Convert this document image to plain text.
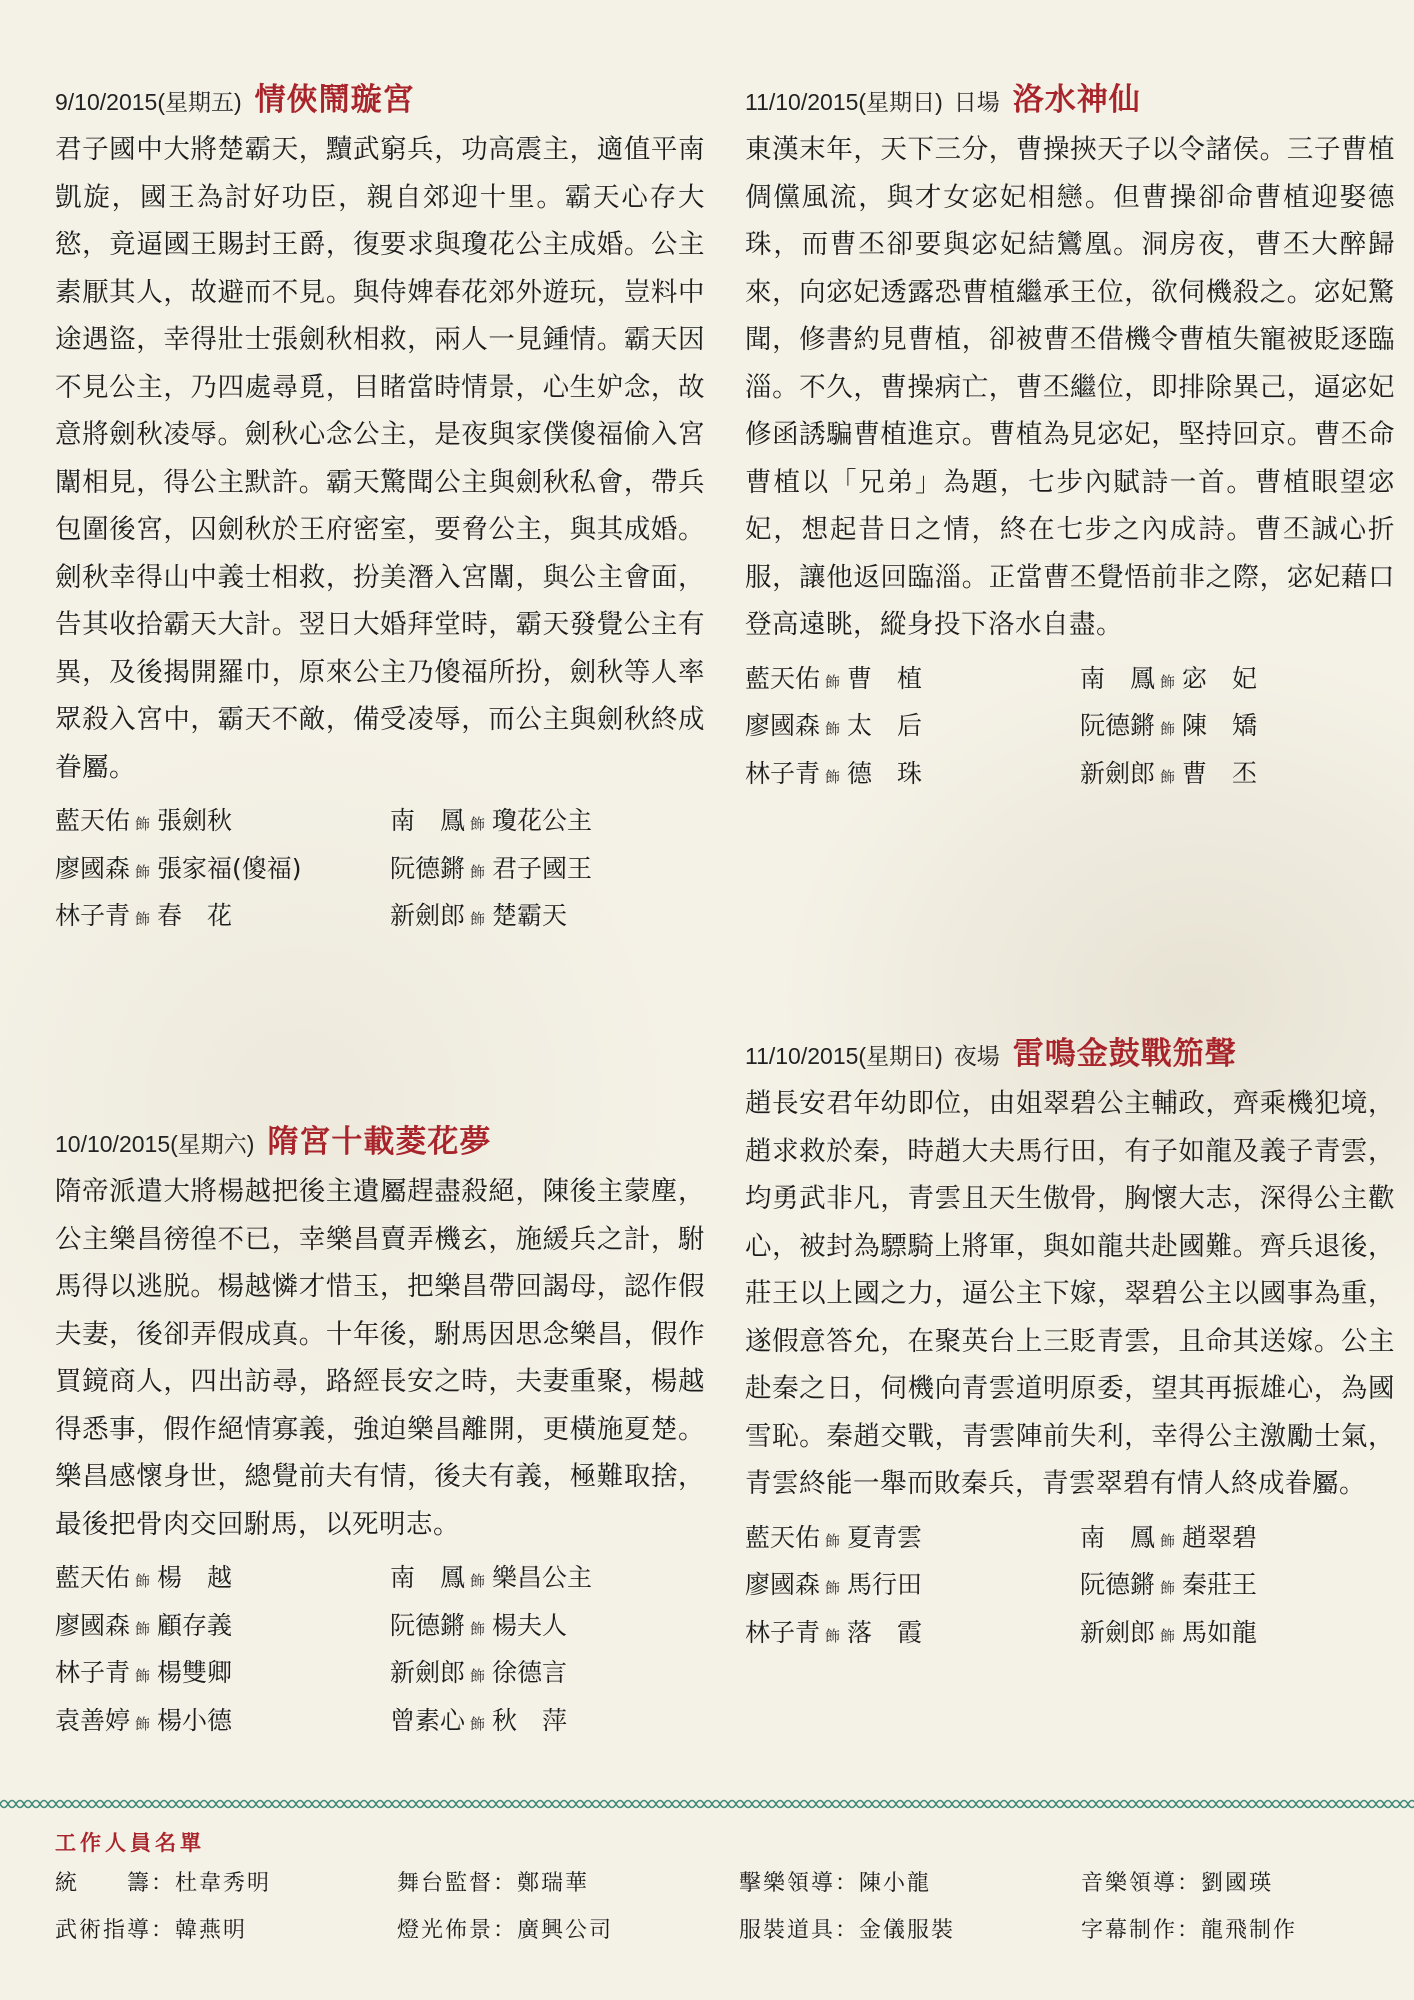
9/10/2015(星期五) 情俠鬧璇宮

君子國中大將楚霸天，黷武窮兵，功高震主，適值平南凱旋，國王為討好功臣，親自郊迎十里。霸天心存大慾，竟逼國王賜封王爵，復要求與瓊花公主成婚。公主素厭其人，故避而不見。與侍婢春花郊外遊玩，豈料中途遇盜，幸得壯士張劍秋相救，兩人一見鍾情。霸天因不見公主，乃四處尋覓，目睹當時情景，心生妒念，故意將劍秋凌辱。劍秋心念公主，是夜與家僕傻福偷入宮闈相見，得公主默許。霸天驚聞公主與劍秋私會，帶兵包圍後宮，囚劍秋於王府密室，要脅公主，與其成婚。劍秋幸得山中義士相救，扮美潛入宮闈，與公主會面，告其收拾霸天大計。翌日大婚拜堂時，霸天發覺公主有異，及後揭開羅巾，原來公主乃傻福所扮，劍秋等人率眾殺入宮中，霸天不敵，備受凌辱，而公主與劍秋終成眷屬。

藍天佑 飾 張劍秋	南　鳳 飾 瓊花公主
廖國森 飾 張家福(傻福)	阮德鏘 飾 君子國王
林子青 飾 春　花	新劍郎 飾 楚霸天
11/10/2015(星期日) 日場 洛水神仙

東漢末年，天下三分，曹操挾天子以令諸侯。三子曹植倜儻風流，與才女宓妃相戀。但曹操卻命曹植迎娶德珠，而曹丕卻要與宓妃結鸞凰。洞房夜，曹丕大醉歸來，向宓妃透露恐曹植繼承王位，欲伺機殺之。宓妃驚聞，修書約見曹植，卻被曹丕借機令曹植失寵被貶逐臨淄。不久，曹操病亡，曹丕繼位，即排除異己，逼宓妃修函誘騙曹植進京。曹植為見宓妃，堅持回京。曹丕命曹植以「兄弟」為題，七步內賦詩一首。曹植眼望宓妃，想起昔日之情，終在七步之內成詩。曹丕誠心折服，讓他返回臨淄。正當曹丕覺悟前非之際，宓妃藉口登高遠眺，縱身投下洛水自盡。

藍天佑 飾 曹　植	南　鳳 飾 宓　妃
廖國森 飾 太　后	阮德鏘 飾 陳　矯
林子青 飾 德　珠	新劍郎 飾 曹　丕
10/10/2015(星期六) 隋宮十載菱花夢

隋帝派遣大將楊越把後主遺屬趕盡殺絕，陳後主蒙塵，公主樂昌徬徨不已，幸樂昌賣弄機玄，施緩兵之計，駙馬得以逃脱。楊越憐才惜玉，把樂昌帶回謁母，認作假夫妻，後卻弄假成真。十年後，駙馬因思念樂昌，假作買鏡商人，四出訪尋，路經長安之時，夫妻重聚，楊越得悉事，假作絕情寡義，強迫樂昌離開，更橫施夏楚。樂昌感懷身世，總覺前夫有情，後夫有義，極難取捨，最後把骨肉交回駙馬，以死明志。

藍天佑 飾 楊　越	南　鳳 飾 樂昌公主
廖國森 飾 顧存義	阮德鏘 飾 楊夫人
林子青 飾 楊雙卿	新劍郎 飾 徐德言
袁善婷 飾 楊小德	曾素心 飾 秋　萍
11/10/2015(星期日) 夜場 雷鳴金鼓戰笳聲

趙長安君年幼即位，由姐翠碧公主輔政，齊乘機犯境，趙求救於秦，時趙大夫馬行田，有子如龍及義子青雲，均勇武非凡，青雲且天生傲骨，胸懷大志，深得公主歡心，被封為驃騎上將軍，與如龍共赴國難。齊兵退後，莊王以上國之力，逼公主下嫁，翠碧公主以國事為重，遂假意答允，在聚英台上三貶青雲，且命其送嫁。公主赴秦之日，伺機向青雲道明原委，望其再振雄心，為國雪恥。秦趙交戰，青雲陣前失利，幸得公主激勵士氣，青雲終能一舉而敗秦兵，青雲翠碧有情人終成眷屬。

藍天佑 飾 夏青雲	南　鳳 飾 趙翠碧
廖國森 飾 馬行田	阮德鏘 飾 秦莊王
林子青 飾 落　霞	新劍郎 飾 馬如龍
工作人員名單
統　　籌：杜韋秀明	舞台監督：鄭瑞華	擊樂領導：陳小龍	音樂領導：劉國瑛
武術指導：韓燕明	燈光佈景：廣興公司	服裝道具：金儀服裝	字幕制作：龍飛制作
